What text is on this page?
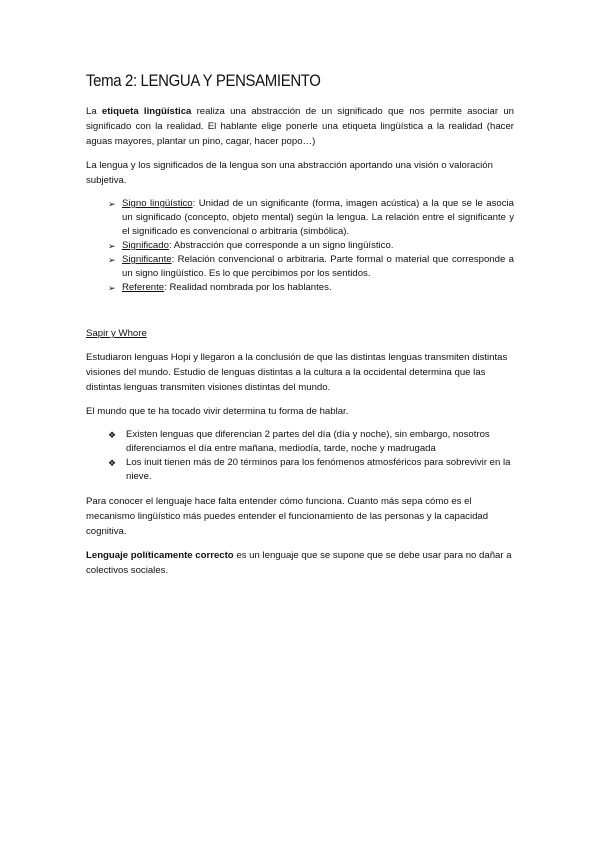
Tema 2: LENGUA Y PENSAMIENTO

La etiqueta lingüística realiza una abstracción de un significado que nos permite asociar un significado con la realidad. El hablante elige ponerle una etiqueta lingüística a la realidad (hacer aguas mayores, plantar un pino, cagar, hacer popo…)

La lengua y los significados de la lengua son una abstracción aportando una visión o valoración subjetiva.

➢ Signo lingüístico: Unidad de un significante (forma, imagen acústica) a la que se le asocia un significado (concepto, objeto mental) según la lengua. La relación entre el significante y el significado es convencional o arbitraria (simbólica).
➢ Significado: Abstracción que corresponde a un signo lingüístico.
➢ Significante: Relación convencional o arbitraria. Parte formal o material que corresponde a un signo lingüístico. Es lo que percibimos por los sentidos.
➢ Referente: Realidad nombrada por los hablantes.
Sapir y Whore

Estudiaron lenguas Hopi y llegaron a la conclusión de que las distintas lenguas transmiten distintas visiones del mundo. Estudio de lenguas distintas a la cultura a la occidental determina que las distintas lenguas transmiten visiones distintas del mundo.

El mundo que te ha tocado vivir determina tu forma de hablar.

❖ Existen lenguas que diferencian 2 partes del día (día y noche), sin embargo, nosotros diferenciamos el día entre mañana, mediodía, tarde, noche y madrugada
❖ Los inuit tienen más de 20 términos para los fenómenos atmosféricos para sobrevivir en la nieve.

Para conocer el lenguaje hace falta entender cómo funciona. Cuanto más sepa cómo es el mecanismo lingüístico más puedes entender el funcionamiento de las personas y la capacidad cognitiva.

Lenguaje políticamente correcto es un lenguaje que se supone que se debe usar para no dañar a colectivos sociales.
